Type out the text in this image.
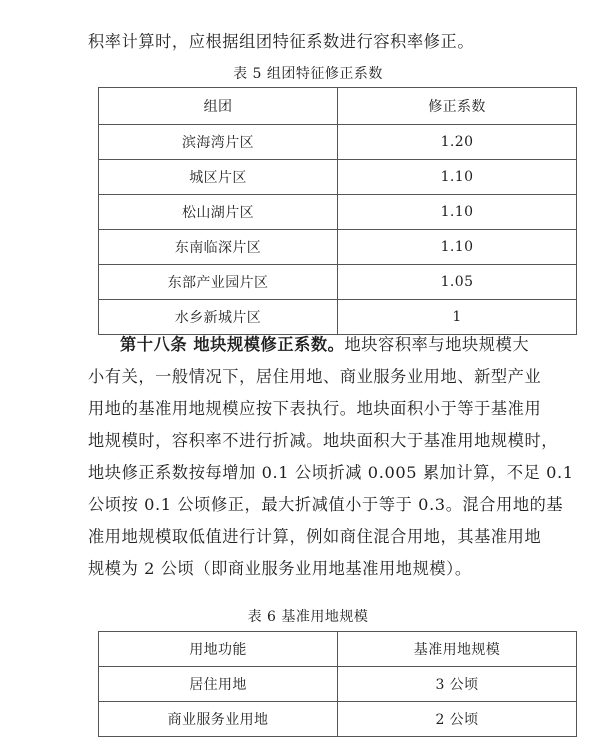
积率计算时，应根据组团特征系数进行容积率修正。
表 5 组团特征修正系数
组团	修正系数
滨海湾片区	1.20
城区片区	1.10
松山湖片区	1.10
东南临深片区	1.10
东部产业园片区	1.05
水乡新城片区	1
第十八条 地块规模修正系数。地块容积率与地块规模大
小有关，一般情况下，居住用地、商业服务业用地、新型产业
用地的基准用地规模应按下表执行。地块面积小于等于基准用
地规模时，容积率不进行折减。地块面积大于基准用地规模时，
地块修正系数按每增加 0.1 公顷折减 0.005 累加计算，不足 0.1
公顷按 0.1 公顷修正，最大折减值小于等于 0.3。混合用地的基
准用地规模取低值进行计算，例如商住混合用地，其基准用地
规模为 2 公顷（即商业服务业用地基准用地规模）。
表 6 基准用地规模
用地功能	基准用地规模
居住用地	3 公顷
商业服务业用地	2 公顷
